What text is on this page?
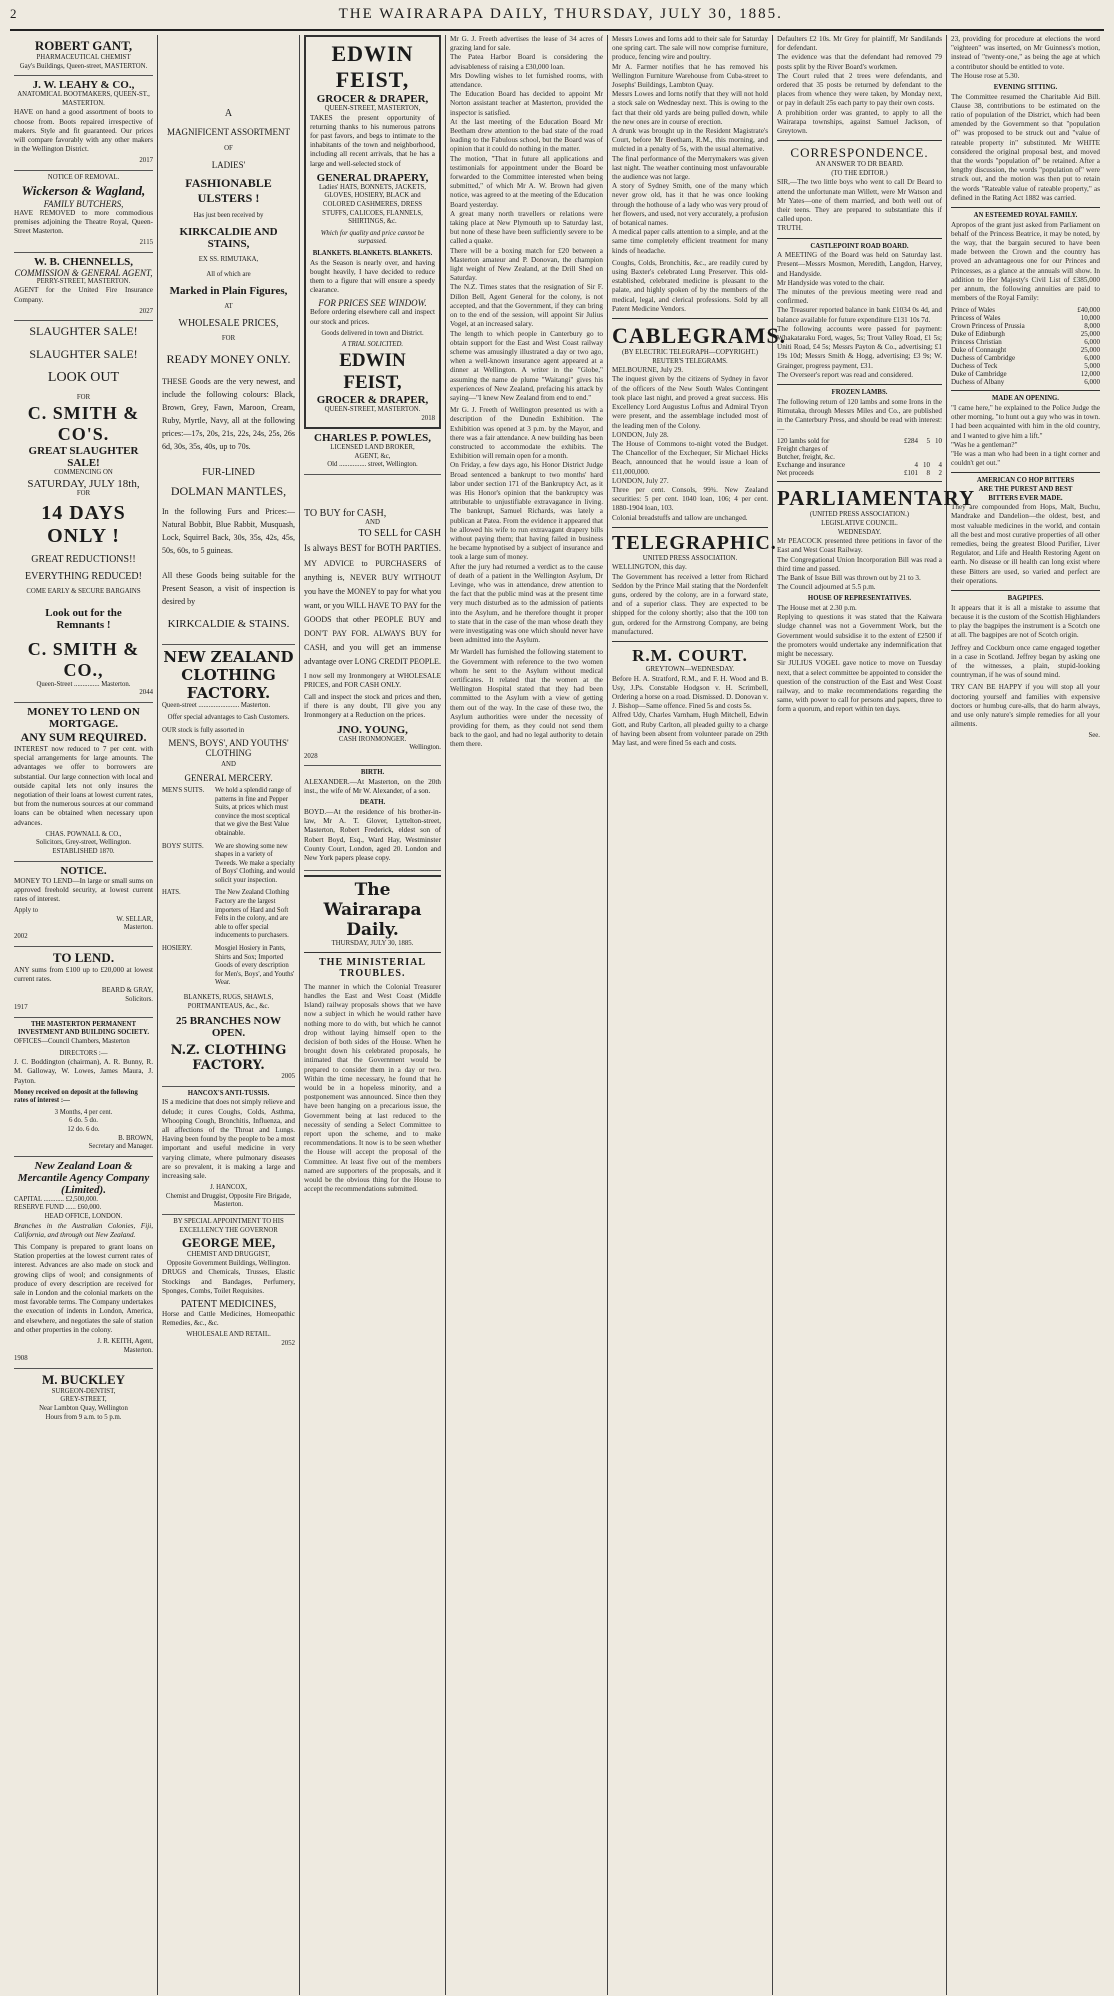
2	THE WAIRARAPA DAILY, THURSDAY, JULY 30, 1885.
ROBERT GANT,
PHARMACEUTICAL CHEMIST
Gay's Buildings, Queen-street, MASTERTON.
J. W. LEAHY & CO.,
ANATOMICAL BOOTMAKERS, QUEEN-ST., MASTERTON.

HAVE on hand a good assortment of boots to choose from. Boots repaired irrespective of makers. Style and fit guaranteed. Our prices will compare favorably with any other makers in the Wellington District.

2017
NOTICE OF REMOVAL.
Wickerson & Wagland,
FAMILY BUTCHERS,

HAVE REMOVED to more commodious premises adjoining the Theatre Royal, Queen-Street Masterton.

2115
W. B. CHENNELLS,
COMMISSION & GENERAL AGENT,
PERRY-STREET, MASTERTON.

AGENT for the United Fire Insurance Company.

2027
SLAUGHTER SALE!
SLAUGHTER SALE!
LOOK OUT
FOR
C. SMITH & CO'S.
GREAT SLAUGHTER
SALE!
COMMENCING ON
SATURDAY, JULY 18th,
FOR
14 DAYS ONLY !
GREAT REDUCTIONS!!
EVERYTHING REDUCED!
COME EARLY & SECURE BARGAINS
Look out for the
Remnants !
C. SMITH & CO.,
Queen-Street ............... Masterton.
2044
MONEY TO LEND ON MORTGAGE.
ANY SUM REQUIRED.

INTEREST now reduced to 7 per cent. with special arrangements for large amounts. The advantages we offer to borrowers are substantial. Our large connection with local and outside capital lets not only insures the negotiation of their loans at lowest current rates, but from the numerous sources at our command loans can be obtained when necessary upon advances.

CHAS. POWNALL & CO.,
Solicitors, Grey-street, Wellington.
ESTABLISHED 1870.
NOTICE.

MONEY TO LEND—In large or small sums on approved freehold security, at lowest current rates of interest.

Apply to
W. SELLAR,
Masterton.
2002
TO LEND.

ANY sums from £100 up to £20,000 at lowest current rates.

BEARD & GRAY,
Solicitors.
1917
THE MASTERTON PERMANENT INVESTMENT AND BUILDING SOCIETY.

OFFICES—Council Chambers, Masterton

DIRECTORS :—

J. C. Boddington (chairman), A. R. Bunny, R. M. Galloway, W. Lowes, James Maura, J. Payton.

Money received on deposit at the following rates of interest :—

3 Months, 4 per cent.
6 do. 5 do.
12 do. 6 do.
B. BROWN,
Secretary and Manager.
New Zealand Loan & Mercantile Agency Company (Limited).
CAPITAL ............ £2,500,000.
RESERVE FUND ...... £60,000.
HEAD OFFICE, LONDON.

Branches in the Australian Colonies, Fiji, California, and through out New Zealand.

This Company is prepared to grant loans on Station properties at the lowest current rates of interest. Advances are also made on stock and growing clips of wool; and consignments of produce of every description are received for sale in London and the colonial markets on the most favorable terms. The Company undertakes the execution of indents in London, America, and elsewhere, and negotiates the sale of station and other properties in the colony.

J. R. KEITH, Agent,
Masterton.
1908
M. BUCKLEY
SURGEON-DENTIST,
GREY-STREET,
Near Lambton Quay, Wellington
Hours from 9 a.m. to 5 p.m.
A
MAGNIFICENT ASSORTMENT
OF
LADIES'
FASHIONABLE ULSTERS !
Has just been received by
KIRKCALDIE AND STAINS,
EX SS. RIMUTAKA,
All of which are
Marked in Plain Figures,
AT
WHOLESALE PRICES,
FOR
READY MONEY ONLY.

THESE Goods are the very newest, and include the following colours: Black, Brown, Grey, Fawn, Maroon, Cream, Ruby, Myrtle, Navy, all at the following prices:—17s, 20s, 21s, 22s, 24s, 25s, 26s 6d, 30s, 35s, 40s, up to 70s.

FUR-LINED
DOLMAN MANTLES,

In the following Furs and Prices:— Natural Bobbit, Blue Rabbit, Musquash, Lock, Squirrel Back, 30s, 35s, 42s, 45s, 50s, 60s, to 5 guineas.

All these Goods being suitable for the Present Season, a visit of inspection is desired by

KIRKCALDIE & STAINS.
NEW ZEALAND CLOTHING
FACTORY.
Queen-street ........................ Masterton.
Offer special advantages to Cash Customers.
OUR stock is fully assorted in
MEN'S, BOYS', AND YOUTHS' CLOTHING
AND
GENERAL MERCERY.
MEN'S SUITS.	We hold a splendid range of patterns in fine and Pepper Suits, at prices which must convince the most sceptical that we give the Best Value obtainable.
BOYS' SUITS.	We are showing some new shapes in a variety of Tweeds. We make a specialty of Boys' Clothing, and would solicit your inspection.
HATS.	The New Zealand Clothing Factory are the largest importers of Hard and Soft Felts in the colony, and are able to offer special inducements to purchasers.
HOSIERY.	Mosgiel Hosiery in Pants, Shirts and Sox; Imported Goods of every description for Men's, Boys', and Youths' Wear.
BLANKETS, RUGS, SHAWLS, PORTMANTEAUS, &c., &c.
25 BRANCHES NOW OPEN.
N.Z. CLOTHING FACTORY.
2005
HANCOX'S ANTI-TUSSIS.

IS a medicine that does not simply relieve and delude; it cures Coughs, Colds, Asthma, Whooping Cough, Bronchitis, Influenza, and all affections of the Throat and Lungs. Having been found by the people to be a most important and useful medicine in very varying climate, where pulmonary diseases are so prevalent, it is making a large and increasing sale.

J. HANCOX,
Chemist and Druggist, Opposite Fire Brigade, Masterton.
BY SPECIAL APPOINTMENT TO HIS EXCELLENCY THE GOVERNOR
GEORGE MEE,
CHEMIST AND DRUGGIST,
Opposite Government Buildings, Wellington.

DRUGS and Chemicals, Trusses, Elastic Stockings and Bandages, Perfumery, Sponges, Combs, Toilet Requisites.

PATENT MEDICINES,

Horse and Cattle Medicines, Homeopathic Remedies, &c., &c.

WHOLESALE AND RETAIL.
2052
EDWIN FEIST,
GROCER & DRAPER,
QUEEN-STREET, MASTERTON,

TAKES the present opportunity of returning thanks to his numerous patrons for past favors, and begs to intimate to the inhabitants of the town and neighborhood, including all recent arrivals, that he has a large and well-selected stock of

GENERAL DRAPERY,

Ladies' HATS, BONNETS, JACKETS, GLOVES, HOSIERY, BLACK and COLORED CASHMERES, DRESS STUFFS, CALICOES, FLANNELS, SHIRTINGS, &c.

Which for quality and price cannot be surpassed.

BLANKETS. BLANKETS. BLANKETS.

As the Season is nearly over, and having bought heavily, I have decided to reduce them to a figure that will ensure a speedy clearance.

FOR PRICES SEE WINDOW.

Before ordering elsewhere call and inspect our stock and prices.

Goods delivered in town and District.

A TRIAL SOLICITED.
EDWIN FEIST,
GROCER & DRAPER,
QUEEN-STREET, MASTERTON.
2018
CHARLES P. POWLES,
LICENSED LAND BROKER,
AGENT, &c,
Old ................ street, Wellington.
TO BUY for CASH,
AND
TO SELL for CASH
Is always BEST for BOTH PARTIES.

MY ADVICE to PURCHASERS of anything is, NEVER BUY WITHOUT you have the MONEY to pay for what you want, or you WILL HAVE TO PAY for the GOODS that other PEOPLE BUY and DON'T PAY FOR. ALWAYS BUY for CASH, and you will get an immense advantage over LONG CREDIT PEOPLE.

I now sell my Ironmongery at WHOLESALE PRICES, and FOR CASH ONLY.

Call and inspect the stock and prices and then, if there is any doubt, I'll give you any Ironmongery at a Reduction on the prices.

JNO. YOUNG,
CASH IRONMONGER.
Wellington.
2028
BIRTH.

ALEXANDER.—At Masterton, on the 20th inst., the wife of Mr W. Alexander, of a son.

DEATH.

BOYD.—At the residence of his brother-in-law, Mr A. T. Glover, Lyttelton-street, Masterton, Robert Frederick, eldest son of Robert Boyd, Esq., Ward Hay, Westminster County Court, London, aged 20. London and New York papers please copy.

The Wairarapa Daily.
THURSDAY, JULY 30, 1885.
THE MINISTERIAL TROUBLES.

The manner in which the Colonial Treasurer handles the East and West Coast (Middle Island) railway proposals shows that we have now a subject in which he would rather have nothing more to do with, but which he cannot drop without laying himself open to the decision of both sides of the House. When he brought down his celebrated proposals, he intimated that the Government would be prepared to consider them in a day or two. Within the time necessary, he found that he would be in a hopeless minority, and a postponement was announced. Since then they have been hanging on a precarious issue, the Government being at last reduced to the necessity of sending a Select Committee to report upon the scheme, and to make recommendations. It now is to be seen whether the House will accept the proposal of the Committee. At least five out of the members named are supporters of the proposals, and it would be the obvious thing for the House to accept the recommendations submitted.

Mr G. J. Freeth advertises the lease of 34 acres of grazing land for sale.
The Patea Harbor Board is considering the advisableness of raising a £30,000 loan.
Mrs Dowling wishes to let furnished rooms, with attendance.
The Education Board has decided to appoint Mr Norton assistant teacher at Masterton, provided the inspector is satisfied.
At the last meeting of the Education Board Mr Beetham drew attention to the bad state of the road leading to the Fabulous school, but the Board was of opinion that it could do nothing in the matter.
The motion, "That in future all applications and testimonials for appointment under the Board be forwarded to the Committee interested when being submitted," of which Mr A. W. Brown had given notice, was agreed to at the meeting of the Education Board yesterday.
A great many north travellers or relations were taking place at New Plymouth up to Saturday last, but none of these have been sufficiently severe to be called a quake.
There will be a boxing match for £20 between a Masterton amateur and P. Donovan, the champion light weight of New Zealand, at the Drill Shed on Saturday.
The N.Z. Times states that the resignation of Sir F. Dillon Bell, Agent General for the colony, is not accepted, and that the Government, if they can bring on to the end of the session, will appoint Sir Julius Vogel, at an increased salary.
The length to which people in Canterbury go to obtain support for the East and West Coast railway scheme was amusingly illustrated a day or two ago, when a well-known insurance agent appeared at a dinner at Wellington. A writer in the "Globe," assuming the name de plume "Waitangi" gives his experiences of New Zealand, prefacing his attack by saying—"I knew New Zealand from end to end."

Mr G. J. Freeth of Wellington presented us with a description of the Dunedin Exhibition. The Exhibition was opened at 3 p.m. by the Mayor, and there was a fair attendance. A new building has been constructed to accommodate the exhibits. The Exhibition will remain open for a month.
On Friday, a few days ago, his Honor District Judge Broad sentenced a bankrupt to two months' hard labor under section 171 of the Bankruptcy Act, as it was His Honor's opinion that the bankruptcy was attributable to unjustifiable extravagance in living. The bankrupt, Samuel Richards, was lately a publican at Patea. From the evidence it appeared that he allowed his wife to run extravagant drapery bills without paying them; that having failed in business he became hypnotised by a subject of insurance and took a large sum of money.
After the jury had returned a verdict as to the cause of death of a patient in the Wellington Asylum, Dr Levinge, who was in attendance, drew attention to the fact that the public mind was at the present time very much disturbed as to the admission of patients into the Asylum, and he therefore thought it proper to state that in the case of the man whose death they were investigating was one which should never have been admitted into the Asylum.

Mr Wardell has furnished the following statement to the Government with reference to the two women whom he sent to the Asylum without medical certificates. It related that the women at the Wellington Hospital stated that they had been committed to the Asylum with a view of getting them out of the way. In the case of these two, the Asylum authorities were under the necessity of providing for them, as they could not send them back to the gaol, and had no legal authority to detain them there.

Messrs Lowes and Iorns add to their sale for Saturday one spring cart. The sale will now comprise furniture, produce, fencing wire and poultry.
Mr A. Farmer notifies that he has removed his Wellington Furniture Warehouse from Cuba-street to Josephs' Buildings, Lambton Quay.
Messrs Lowes and Iorns notify that they will not hold a stock sale on Wednesday next. This is owing to the fact that their old yards are being pulled down, while the new ones are in course of erection.
A drunk was brought up in the Resident Magistrate's Court, before Mr Beetham, R.M., this morning, and mulcted in a penalty of 5s, with the usual alternative.
The final performance of the Merrymakers was given last night. The weather continuing most unfavourable the audience was not large.
A story of Sydney Smith, one of the many which never grow old, has it that he was once looking through the hothouse of a lady who was very proud of her flowers, and used, not very accurately, a profusion of botanical names.
A medical paper calls attention to a simple, and at the same time completely efficient treatment for many kinds of headache.

Coughs, Colds, Bronchitis, &c., are readily cured by using Baxter's celebrated Lung Preserver. This old-established, celebrated medicine is pleasant to the palate, and highly spoken of by the members of the medical, legal, and clerical professions. Sold by all Patent Medicine Vendors.

CABLEGRAMS.
(BY ELECTRIC TELEGRAPH—COPYRIGHT.)
REUTER'S TELEGRAMS.

MELBOURNE, July 29.
The inquest given by the citizens of Sydney in favor of the officers of the New South Wales Contingent took place last night, and proved a great success. His Excellency Lord Augustus Loftus and Admiral Tryon were present, and the assemblage included most of the leading men of the Colony.
LONDON, July 28.
The House of Commons to-night voted the Budget. The Chancellor of the Exchequer, Sir Michael Hicks Beach, announced that he would issue a loan of £11,000,000.
LONDON, July 27.
Three per cent. Consols, 99¾. New Zealand securities: 5 per cent. 1040 loan, 106; 4 per cent. 1880-1904 loan, 103.
Colonial breadstuffs and tallow are unchanged.

TELEGRAPHIC.
UNITED PRESS ASSOCIATION.

WELLINGTON, this day.
The Government has received a letter from Richard Seddon by the Prince Mail stating that the Nordenfelt guns, ordered by the colony, are in a forward state, and of a superior class. They are expected to be shipped for the colony shortly; also that the 100 ton gun, ordered for the Armstrong Company, are being manufactured.

R.M. COURT.
GREYTOWN—WEDNESDAY.

Before H. A. Stratford, R.M., and F. H. Wood and B. Usy, J.Ps. Constable Hodgson v. H. Scrimbell, Ordering a horse on a road. Dismissed. D. Donovan v. J. Bishop—Same offence. Fined 5s and costs 5s.
Alfred Udy, Charles Varnham, Hugh Mitchell, Edwin Gott, and Ruby Carlton, all pleaded guilty to a charge of having been absent from volunteer parade on 29th May last, and were fined 5s each and costs.

Defaulters £2 10s. Mr Grey for plaintiff, Mr Sandilands for defendant.
The evidence was that the defendant had removed 79 posts split by the River Board's workmen.
The Court ruled that 2 trees were defendants, and ordered that 35 posts be returned by defendant to the places from whence they were taken, by Monday next, or pay in default 25s each party to pay their own costs.
A prohibition order was granted, to apply to all the Wairarapa townships, against Samuel Jackson, of Greytown.

CORRESPONDENCE.
AN ANSWER TO DR BEARD.
(TO THE EDITOR.)

SIR,—The two little boys who went to call Dr Beard to attend the unfortunate man Willett, were Mr Watson and Mr Yates—one of them married, and both well out of their teens. They are prepared to substantiate this if called upon.
TRUTH.

CASTLEPOINT ROAD BOARD.

A MEETING of the Board was held on Saturday last. Present—Messrs Mosmon, Meredith, Langdon, Harvey, and Handyside.
Mr Handyside was voted to the chair.
The minutes of the previous meeting were read and confirmed.
The Treasurer reported balance in bank £1034 0s 4d, and balance available for future expenditure £131 10s 7d.
The following accounts were passed for payment: Whakataraku Ford, wages, 5s; Trout Valley Road, £1 5s; Uniti Road, £4 5s; Messrs Payton & Co., advertising; £1 19s 10d; Messrs Smith & Hogg, advertising; £3 9s; W. Grainger, progress payment, £31.
The Overseer's report was read and considered.

FROZEN LAMBS.

The following return of 120 lambs and some Irons in the Rimutaka, through Messrs Miles and Co., are published in the Canterbury Press, and should be read with interest:—

120 lambs sold for	£284	5	10
Freight charges of			
Butcher, freight, &c.			
Exchange and insurance	4	10	4
Net proceeds	£101	8	2
PARLIAMENTARY
(UNITED PRESS ASSOCIATION.)
LEGISLATIVE COUNCIL.
WEDNESDAY.

Mr PEACOCK presented three petitions in favor of the East and West Coast Railway.
The Congregational Union Incorporation Bill was read a third time and passed.
The Bank of Issue Bill was thrown out by 21 to 3.
The Council adjourned at 5.5 p.m.

HOUSE OF REPRESENTATIVES.

The House met at 2.30 p.m.
Replying to questions it was stated that the Kaiwara sludge channel was not a Government Work, but the Government would subsidise it to the extent of £2500 if the promoters would undertake any indemnification that might be necessary.
Sir JULIUS VOGEL gave notice to move on Tuesday next, that a select committee be appointed to consider the question of the construction of the East and West Coast railway, and to make recommendations regarding the same, with power to call for persons and papers, three to form a quorum, and report within ten days.

23, providing for procedure at elections the word "eighteen" was inserted, on Mr Guinness's motion, instead of "twenty-one," as being the age at which a contributor should be entitled to vote.
The House rose at 5.30.

EVENING SITTING.

The Committee resumed the Charitable Aid Bill. Clause 38, contributions to be estimated on the ratio of population of the District, which had been amended by the Government so that "population of" was proposed to be struck out and "value of rateable property in" substituted. Mr WHITE considered the original proposal best, and moved that the words "population of" be retained. After a lengthy discussion, the words "population of" were struck out, and the motion was then put to retain the words "Rateable value of rateable property," as defined in the Rating Act 1882 was carried.

AN ESTEEMED ROYAL FAMILY.

Apropos of the grant just asked from Parliament on behalf of the Princess Beatrice, it may be noted, by the way, that the bargain secured to have been made between the Crown and the country has proved an advantageous one for our Princes and Princesses, as a glance at the annuals will show. In addition to Her Majesty's Civil List of £385,000 per annum, the following annuities are paid to members of the Royal Family:

Prince of Wales	£40,000
Princess of Wales	10,000
Crown Princess of Prussia	8,000
Duke of Edinburgh	25,000
Princess Christian	6,000
Duke of Connaught	25,000
Duchess of Cambridge	6,000
Duchess of Teck	5,000
Duke of Cambridge	12,000
Duchess of Albany	6,000
MADE AN OPENING.

"I came here," he explained to the Police Judge the other morning, "to hunt out a guy who was in town. I had been acquainted with him in the old country, and I wanted to give him a lift."
"Was he a gentleman?"
"He was a man who had been in a tight corner and couldn't get out."

AMERICAN CO HOP BITTERS
ARE THE PUREST AND BEST
BITTERS EVER MADE.

They are compounded from Hops, Malt, Buchu, Mandrake and Dandelion—the oldest, best, and most valuable medicines in the world, and contain all the best and most curative properties of all other remedies, being the greatest Blood Purifier, Liver Regulator, and Life and Health Restoring Agent on earth. No disease or ill health can long exist where these Bitters are used, so varied and perfect are their operations.

BAGPIPES.

It appears that it is all a mistake to assume that because it is the custom of the Scottish Highlanders to play the bagpipes the instrument is a Scotch one at all. The bagpipes are not of Scotch origin.

Jeffrey and Cockburn once came engaged together in a case in Scotland. Jeffrey began by asking one of the witnesses, a plain, stupid-looking countryman, if he was of sound mind.

TRY CAN BE HAPPY if you will stop all your doctoring yourself and families with expensive doctors or humbug cure-alls, that do harm always, and use only nature's simple remedies for all your ailments.

See.
